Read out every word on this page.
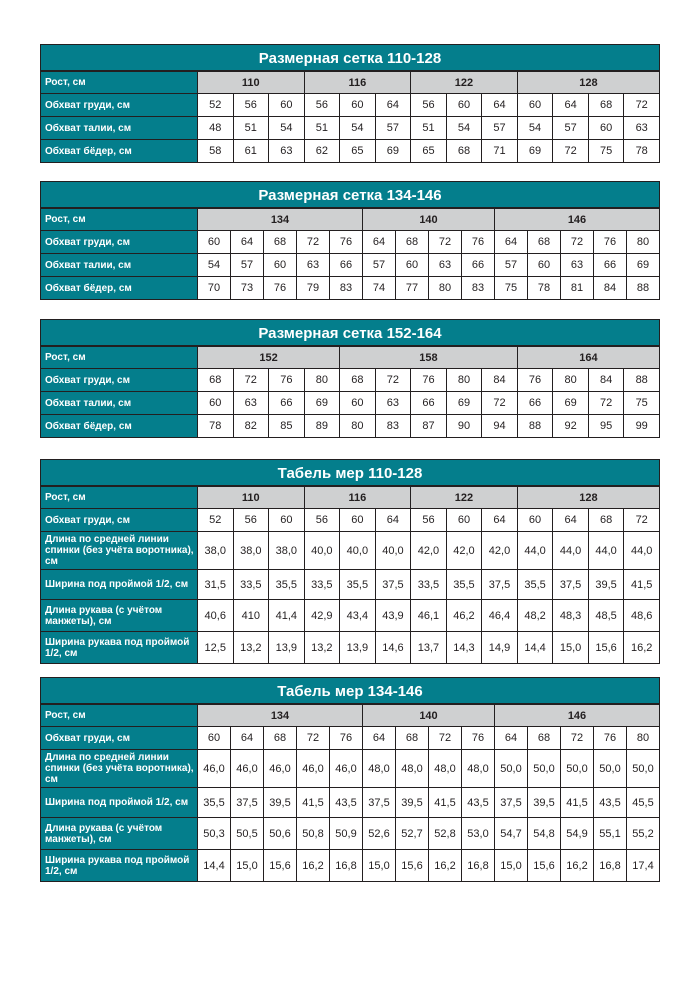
Размерная сетка 110-128
Рост, см	110			116			122			128			
Обхват груди, см	52	56	60	56	60	64	56	60	64	60	64	68	72
Обхват талии, см	48	51	54	51	54	57	51	54	57	54	57	60	63
Обхват бёдер, см	58	61	63	62	65	69	65	68	71	69	72	75	78
Размерная сетка 134-146
Рост, см	134					140				146				
Обхват груди, см	60	64	68	72	76	64	68	72	76	64	68	72	76	80
Обхват талии, см	54	57	60	63	66	57	60	63	66	57	60	63	66	69
Обхват бёдер, см	70	73	76	79	83	74	77	80	83	75	78	81	84	88
Размерная сетка 152-164
Рост, см	152				158					164			
Обхват груди, см	68	72	76	80	68	72	76	80	84	76	80	84	88
Обхват талии, см	60	63	66	69	60	63	66	69	72	66	69	72	75
Обхват бёдер, см	78	82	85	89	80	83	87	90	94	88	92	95	99
Табель мер 110-128
Рост, см	110			116			122			128			
Обхват груди, см	52	56	60	56	60	64	56	60	64	60	64	68	72
Длина по средней линии спинки (без учёта воротника), см	38,0	38,0	38,0	40,0	40,0	40,0	42,0	42,0	42,0	44,0	44,0	44,0	44,0
Ширина под проймой 1/2, см	31,5	33,5	35,5	33,5	35,5	37,5	33,5	35,5	37,5	35,5	37,5	39,5	41,5
Длина рукава (с учётом манжеты), см	40,6	410	41,4	42,9	43,4	43,9	46,1	46,2	46,4	48,2	48,3	48,5	48,6
Ширина рукава под проймой 1/2, см	12,5	13,2	13,9	13,2	13,9	14,6	13,7	14,3	14,9	14,4	15,0	15,6	16,2
Табель мер 134-146
Рост, см	134					140				146				
Обхват груди, см	60	64	68	72	76	64	68	72	76	64	68	72	76	80
Длина по средней линии спинки (без учёта воротника), см	46,0	46,0	46,0	46,0	46,0	48,0	48,0	48,0	48,0	50,0	50,0	50,0	50,0	50,0
Ширина под проймой 1/2, см	35,5	37,5	39,5	41,5	43,5	37,5	39,5	41,5	43,5	37,5	39,5	41,5	43,5	45,5
Длина рукава (с учётом манжеты), см	50,3	50,5	50,6	50,8	50,9	52,6	52,7	52,8	53,0	54,7	54,8	54,9	55,1	55,2
Ширина рукава под проймой 1/2, см	14,4	15,0	15,6	16,2	16,8	15,0	15,6	16,2	16,8	15,0	15,6	16,2	16,8	17,4
